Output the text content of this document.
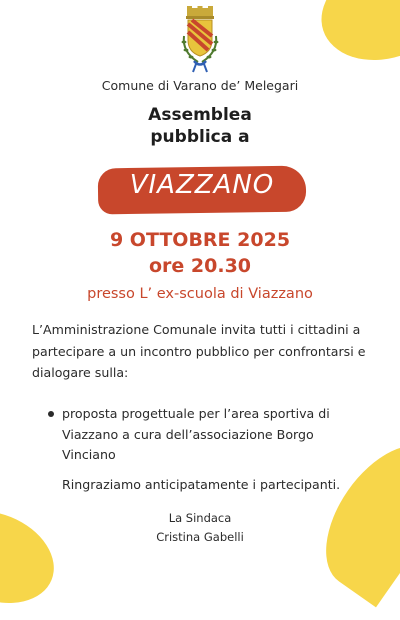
Comune di Varano de’ Melegari
Assemblea
pubblica a
VIAZZANO
9 OTTOBRE 2025
ore 20.30
presso L’ ex-scuola di Viazzano
L’Amministrazione Comunale invita tutti i cittadini a partecipare a un incontro pubblico per confrontarsi e dialogare sulla:
proposta progettuale per l’area sportiva di Viazzano a cura dell’associazione Borgo Vinciano
Ringraziamo anticipatamente i partecipanti.
La Sindaca
Cristina Gabelli
